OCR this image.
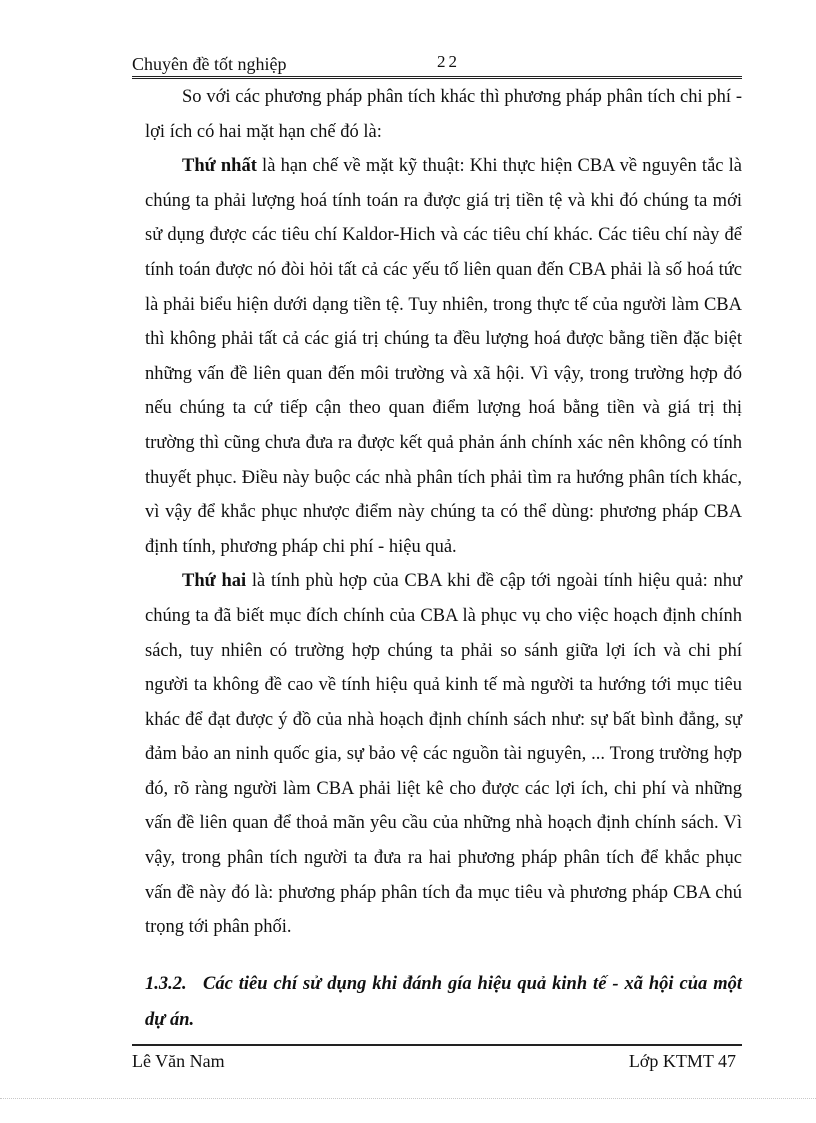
Chuyên đề tốt nghiệp	22

So với các phương pháp phân tích khác thì phương pháp phân tích chi phí - lợi ích có hai mặt hạn chế đó là:

Thứ nhất là hạn chế về mặt kỹ thuật: Khi thực hiện CBA về nguyên tắc là chúng ta phải lượng hoá tính toán ra được giá trị tiền tệ và khi đó chúng ta mới sử dụng được các tiêu chí Kaldor-Hich và các tiêu chí khác. Các tiêu chí này để tính toán được nó đòi hỏi tất cả các yếu tố liên quan đến CBA phải là số hoá tức là phải biểu hiện dưới dạng tiền tệ. Tuy nhiên, trong thực tế của người làm CBA thì không phải tất cả các giá trị chúng ta đều lượng hoá được bằng tiền đặc biệt những vấn đề liên quan đến môi trường và xã hội. Vì vậy, trong trường hợp đó nếu chúng ta cứ tiếp cận theo quan điểm lượng hoá bằng tiền và giá trị thị trường thì cũng chưa đưa ra được kết quả phản ánh chính xác nên không có tính thuyết phục. Điều này buộc các nhà phân tích phải tìm ra hướng phân tích khác, vì vậy để khắc phục nhược điểm này chúng ta có thể dùng: phương pháp CBA định tính, phương pháp chi phí - hiệu quả.

Thứ hai là tính phù hợp của CBA khi đề cập tới ngoài tính hiệu quả: như chúng ta đã biết mục đích chính của CBA là phục vụ cho việc hoạch định chính sách, tuy nhiên có trường hợp chúng ta phải so sánh giữa lợi ích và chi phí người ta không đề cao về tính hiệu quả kinh tế mà người ta hướng tới mục tiêu khác để đạt được ý đồ của nhà hoạch định chính sách như: sự bất bình đẳng, sự đảm bảo an ninh quốc gia, sự bảo vệ các nguồn tài nguyên, ... Trong trường hợp đó, rõ ràng người làm CBA phải liệt kê cho được các lợi ích, chi phí và những vấn đề liên quan để thoả mãn yêu cầu của những nhà hoạch định chính sách. Vì vậy, trong phân tích người ta đưa ra hai phương pháp phân tích để khắc phục vấn đề này đó là: phương pháp phân tích đa mục tiêu và phương pháp CBA chú trọng tới phân phối.

1.3.2. Các tiêu chí sử dụng khi đánh gía hiệu quả kinh tế - xã hội của một dự án.
Lê Văn Nam	Lớp KTMT 47
